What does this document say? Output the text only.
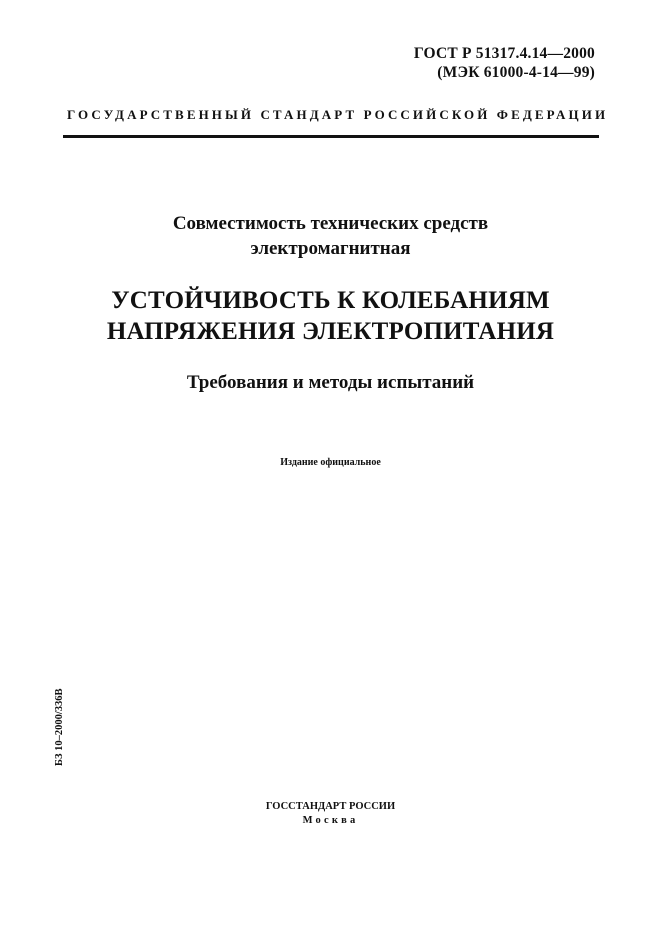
ГОСТ Р 51317.4.14—2000
(МЭК 61000-4-14—99)
ГОСУДАРСТВЕННЫЙ СТАНДАРТ РОССИЙСКОЙ ФЕДЕРАЦИИ
Совместимость технических средств
электромагнитная
УСТОЙЧИВОСТЬ К КОЛЕБАНИЯМ
НАПРЯЖЕНИЯ ЭЛЕКТРОПИТАНИЯ
Требования и методы испытаний
Издание официальное
БЗ 10–2000/336В
ГОССТАНДАРТ РОССИИ
Москва
